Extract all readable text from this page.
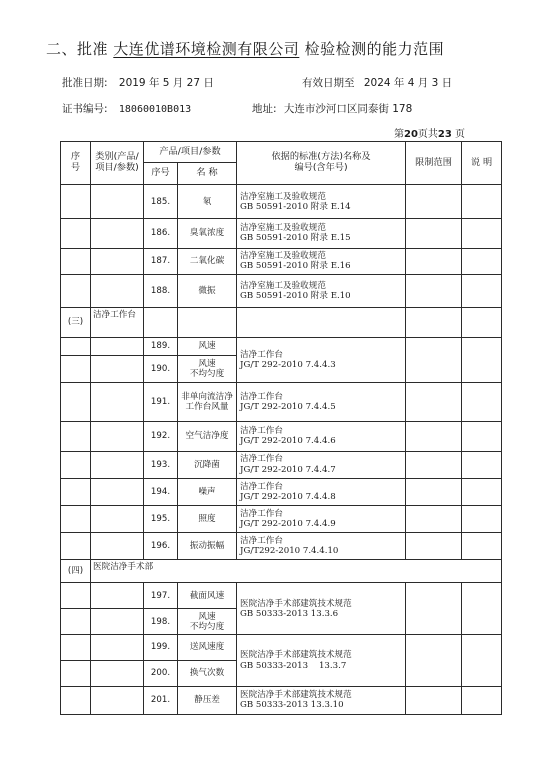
二、批准 大连优谱环境检测有限公司 检验检测的能力范围
批准日期: 2019 年 5 月 27 日	有效日期至 2024 年 4 月 3 日
证书编号: 18060010B013	地址: 大连市沙河口区同泰街 178
第20页共23 页
序号	类别(产品/项目/参数)	产品/项目/参数		依据的标准(方法)名称及编号(含年号)	限制范围	说 明
		序号	名 称			
		185.	氡	洁净室施工及验收规范
GB 50591-2010 附录 E.14		

		186.	臭氧浓度	洁净室施工及验收规范
GB 50591-2010 附录 E.15		

		187.	二氧化碳	洁净室施工及验收规范
GB 50591-2010 附录 E.16		

		188.	微振	洁净室施工及验收规范
GB 50591-2010 附录 E.10		

(三)	洁净工作台					
		189.	风速	洁净工作台
JG/T 292-2010 7.4.4.3		

		190.	风速
不均匀度			
		191.	非单向流洁净工作台风量	洁净工作台
JG/T 292-2010 7.4.4.5		

		192.	空气洁净度	洁净工作台
JG/T 292-2010 7.4.4.6		

		193.	沉降菌	洁净工作台
JG/T 292-2010 7.4.4.7		

		194.	噪声	洁净工作台
JG/T 292-2010 7.4.4.8		

		195.	照度	洁净工作台
JG/T 292-2010 7.4.4.9		

		196.	振动振幅	洁净工作台
JG/T292-2010 7.4.4.10		

(四)	医院洁净手术部					
		197.	截面风速	医院洁净手术部建筑技术规范
GB 50333-2013 13.3.6		

		198.	风速
不均匀度			
		199.	送风速度	医院洁净手术部建筑技术规范
GB 50333-2013    13.3.7		

		200.	换气次数			
		201.	静压差	医院洁净手术部建筑技术规范
GB 50333-2013 13.3.10		
